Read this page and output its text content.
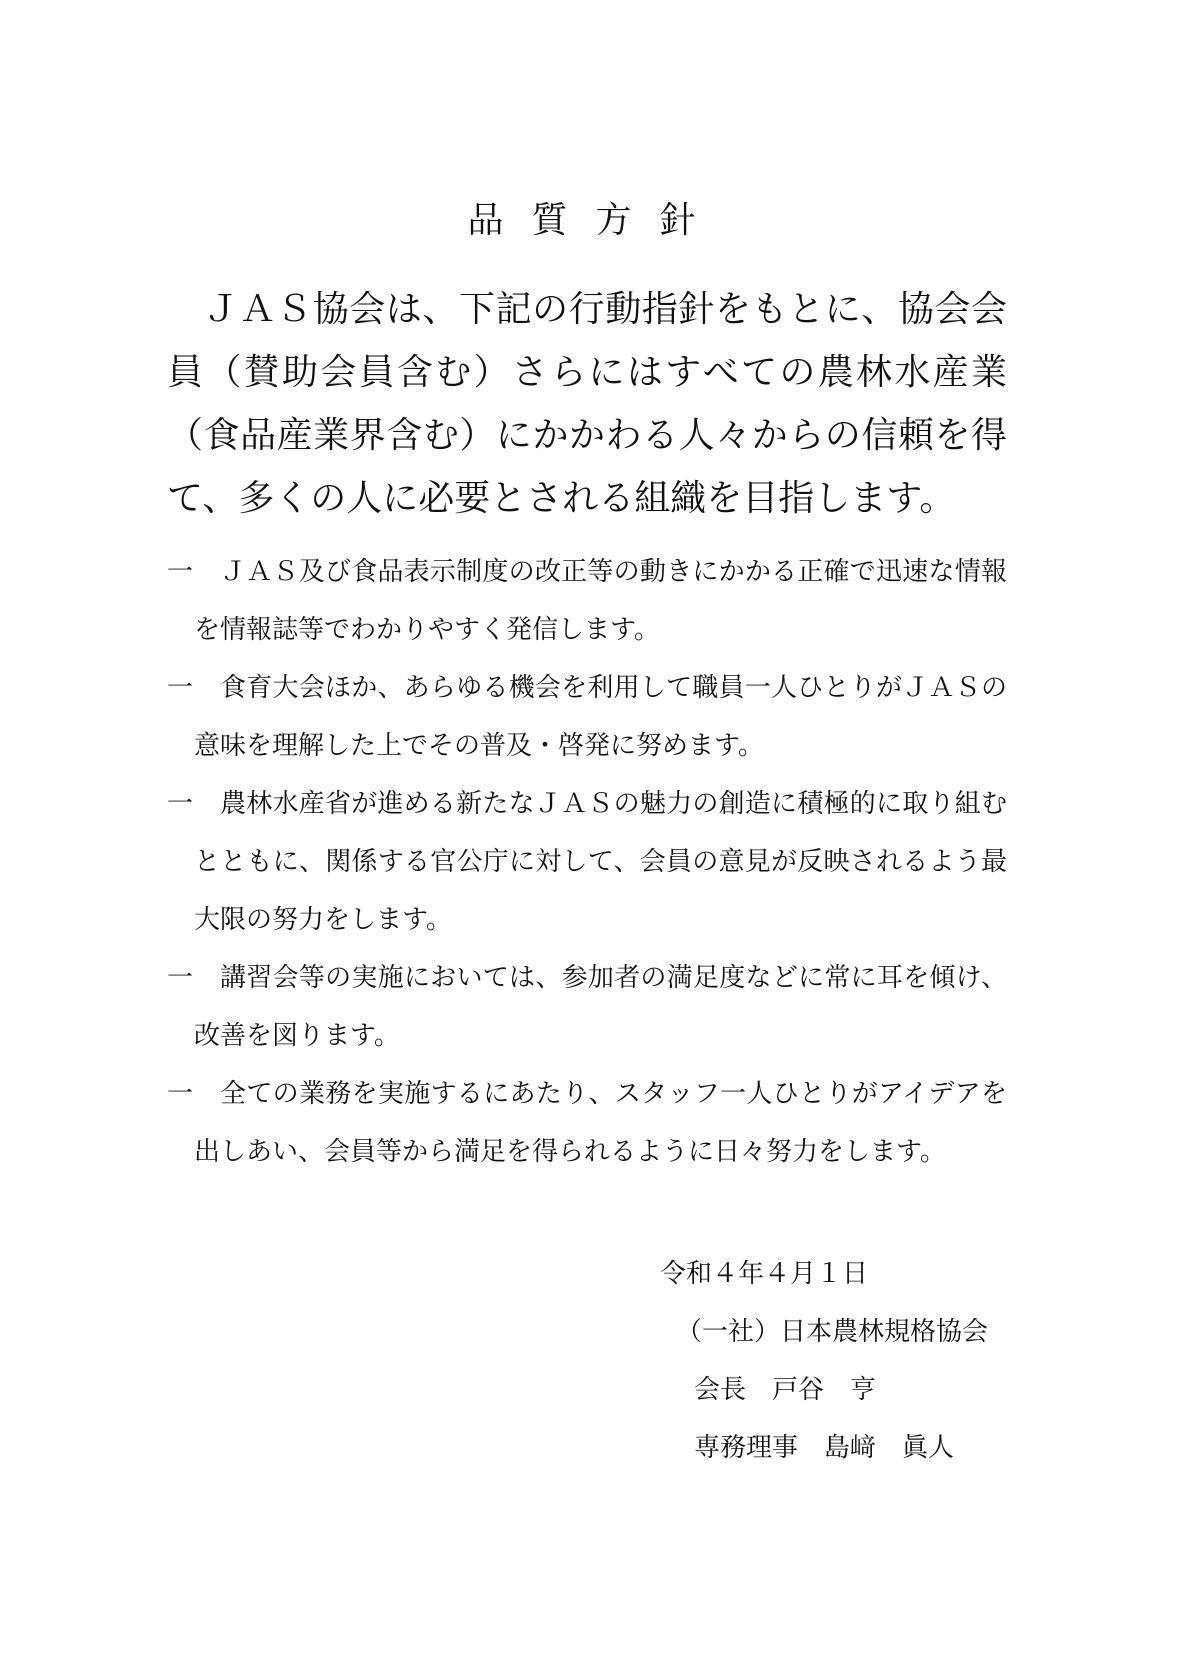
品質方針

ＪＡＳ協会は、下記の行動指針をもとに、協会会員（賛助会員含む）さらにはすべての農林水産業（食品産業界含む）にかかわる人々からの信頼を得て、多くの人に必要とされる組織を目指します。

一	ＪＡＳ及び食品表示制度の改正等の動きにかかる正確で迅速な情報を情報誌等でわかりやすく発信します。
一	食育大会ほか、あらゆる機会を利用して職員一人ひとりがＪＡＳの意味を理解した上でその普及・啓発に努めます。
一	農林水産省が進める新たなＪＡＳの魅力の創造に積極的に取り組むとともに、関係する官公庁に対して、会員の意見が反映されるよう最大限の努力をします。
一	講習会等の実施においては、参加者の満足度などに常に耳を傾け、改善を図ります。
一	全ての業務を実施するにあたり、スタッフ一人ひとりがアイデアを出しあい、会員等から満足を得られるように日々努力をします。
令和４年４月１日
（一社）日本農林規格協会
会長　戸谷　亨
専務理事　島﨑　眞人
